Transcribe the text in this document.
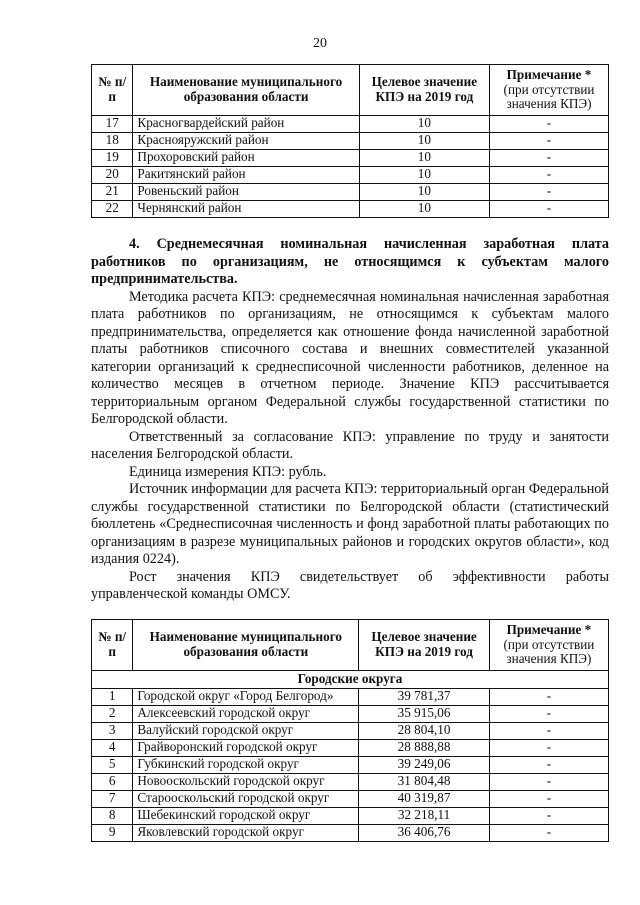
20
№ п/п	Наименование муниципального образования области	Целевое значение КПЭ на 2019 год	Примечание *
(при отсутствии значения КПЭ)
17	Красногвардейский район	10	-
18	Краснояружский район	10	-
19	Прохоровский район	10	-
20	Ракитянский район	10	-
21	Ровеньский район	10	-
22	Чернянский район	10	-

4. Среднемесячная номинальная начисленная заработная плата работников по организациям, не относящимся к субъектам малого предпринимательства.

Методика расчета КПЭ: среднемесячная номинальная начисленная заработная плата работников по организациям, не относящимся к субъектам малого предпринимательства, определяется как отношение фонда начисленной заработной платы работников списочного состава и внешних совместителей указанной категории организаций к среднесписочной численности работников, деленное на количество месяцев в отчетном периоде. Значение КПЭ рассчитывается территориальным органом Федеральной службы государственной статистики по Белгородской области.

Ответственный за согласование КПЭ: управление по труду и занятости населения Белгородской области.

Единица измерения КПЭ: рубль.

Источник информации для расчета КПЭ: территориальный орган Федеральной службы государственной статистики по Белгородской области (статистический бюллетень «Среднесписочная численность и фонд заработной платы работающих по организациям в разрезе муниципальных районов и городских округов области», код издания 0224).

Рост значения КПЭ свидетельствует об эффективности работы управленческой команды ОМСУ.

№ п/п	Наименование муниципального образования области	Целевое значение КПЭ на 2019 год	Примечание *
(при отсутствии значения КПЭ)
Городские округа			
1	Городской округ «Город Белгород»	39 781,37	-
2	Алексеевский городской округ	35 915,06	-
3	Валуйский городской округ	28 804,10	-
4	Грайворонский городской округ	28 888,88	-
5	Губкинский городской округ	39 249,06	-
6	Новооскольский городской округ	31 804,48	-
7	Старооскольский городской округ	40 319,87	-
8	Шебекинский городской округ	32 218,11	-
9	Яковлевский городской округ	36 406,76	-
